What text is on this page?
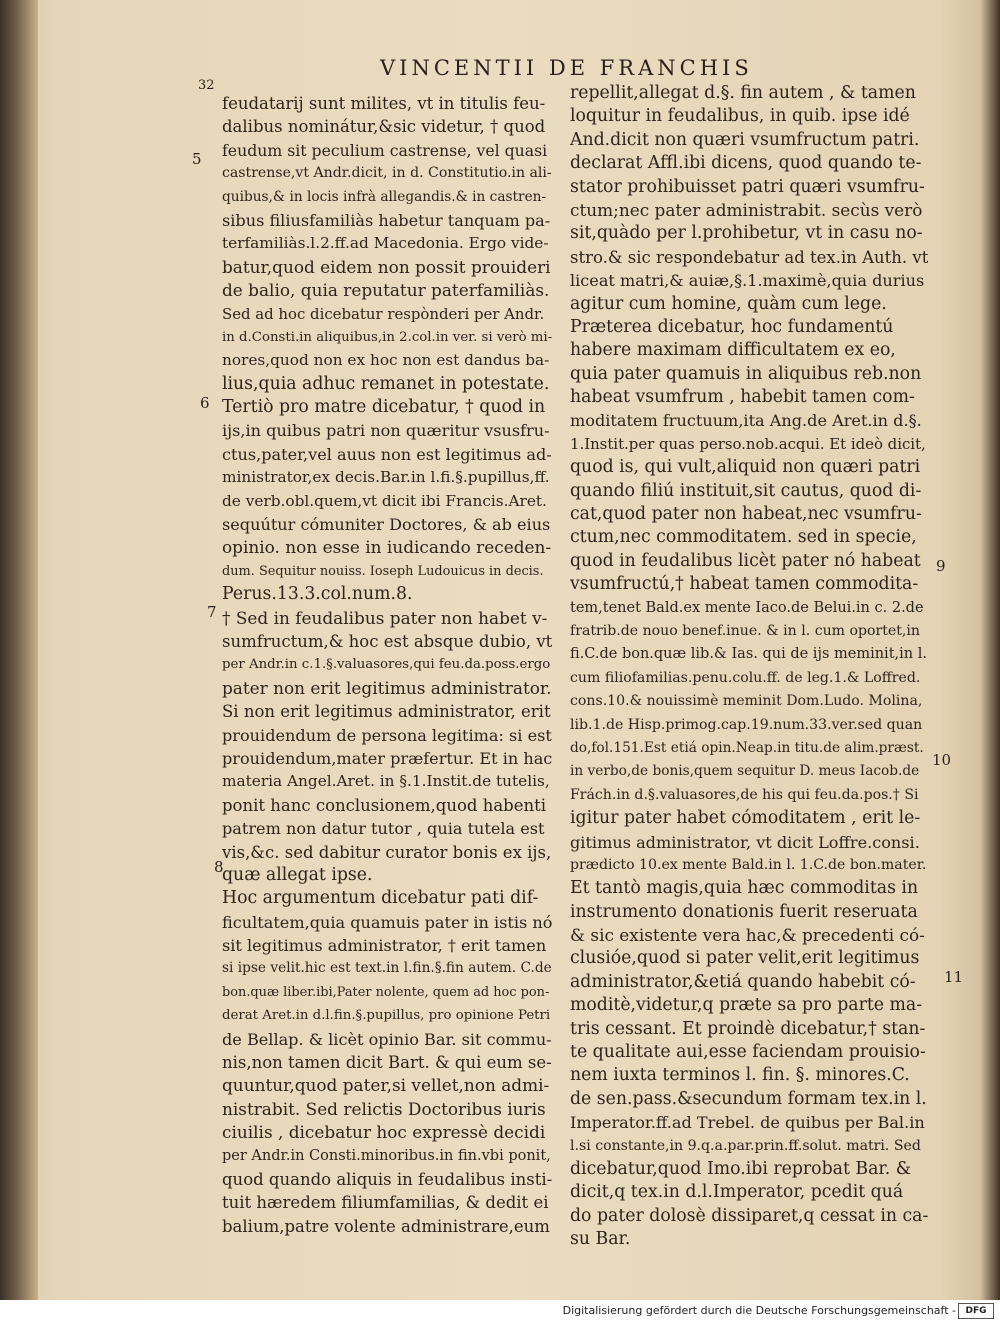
VINCENTII DE FRANCHIS
32
feudatarij sunt milites, vt in titulis feu-
dalibus nominátur,&sic videtur, † quod
feudum sit peculium castrense, vel quasi
castrense,vt Andr.dicit, in d. Constitutio.in ali-
quibus,& in locis infrà allegandis.& in castren-
sibus filiusfamiliàs habetur tanquam pa-
terfamiliàs.l.2.ff.ad Macedonia. Ergo vide-
batur,quod eidem non possit prouideri
de balio, quia reputatur paterfamiliàs.
Sed ad hoc dicebatur respònderi per Andr.
in d.Consti.in aliquibus,in 2.col.in ver. si verò mi-
nores,quod non ex hoc non est dandus ba-
lius,quia adhuc remanet in potestate.
Tertiò pro matre dicebatur, † quod in
ijs,in quibus patri non quæritur vsusfru-
ctus,pater,vel auus non est legitimus ad-
ministrator,ex decis.Bar.in l.fi.§.pupillus,ff.
de verb.obl.quem,vt dicit ibi Francis.Aret.
sequútur cómuniter Doctores, & ab eius
opinio. non esse in iudicando receden-
dum. Sequitur nouiss. Ioseph Ludouicus in decis.
Perus.13.3.col.num.8.
† Sed in feudalibus pater non habet v-
sumfructum,& hoc est absque dubio, vt
per Andr.in c.1.§.valuasores,qui feu.da.poss.ergo
pater non erit legitimus administrator.
Si non erit legitimus administrator, erit
prouidendum de persona legitima: si est
prouidendum,mater præfertur. Et in hac
materia Angel.Aret. in §.1.Instit.de tutelis,
ponit hanc conclusionem,quod habenti
patrem non datur tutor , quia tutela est
vis,&c. sed dabitur curator bonis ex ijs,
quæ allegat ipse.
Hoc argumentum dicebatur pati dif-
ficultatem,quia quamuis pater in istis nó
sit legitimus administrator, † erit tamen
si ipse velit.hic est text.in l.fin.§.fin autem. C.de
bon.quæ liber.ibi,Pater nolente, quem ad hoc pon-
derat Aret.in d.l.fin.§.pupillus, pro opinione Petri
de Bellap. & licèt opinio Bar. sit commu-
nis,non tamen dicit Bart. & qui eum se-
quuntur,quod pater,si vellet,non admi-
nistrabit. Sed relictis Doctoribus iuris
ciuilis , dicebatur hoc expressè decidi
per Andr.in Consti.minoribus.in fin.vbi ponit,
quod quando aliquis in feudalibus insti-
tuit hæredem filiumfamilias, & dedit ei
balium,patre volente administrare,eum
repellit,allegat d.§. fin autem , & tamen
loquitur in feudalibus, in quib. ipse idé
And.dicit non quæri vsumfructum patri.
declarat Affl.ibi dicens, quod quando te-
stator prohibuisset patri quæri vsumfru-
ctum;nec pater administrabit. secùs verò
sit,quàdo per l.prohibetur, vt in casu no-
stro.& sic respondebatur ad tex.in Auth. vt
liceat matri,& auiæ,§.1.maximè,quia durius
agitur cum homine, quàm cum lege.
Præterea dicebatur, hoc fundamentú
habere maximam difficultatem ex eo,
quia pater quamuis in aliquibus reb.non
habeat vsumfrum , habebit tamen com-
moditatem fructuum,ita Ang.de Aret.in d.§.
1.Instit.per quas perso.nob.acqui. Et ideò dicit,
quod is, qui vult,aliquid non quæri patri
quando filiú instituit,sit cautus, quod di-
cat,quod pater non habeat,nec vsumfru-
ctum,nec commoditatem. sed in specie,
quod in feudalibus licèt pater nó habeat
vsumfructú,† habeat tamen commodita-
tem,tenet Bald.ex mente Iaco.de Belui.in c. 2.de
fratrib.de nouo benef.inue. & in l. cum oportet,in
fi.C.de bon.quæ lib.& Ias. qui de ijs meminit,in l.
cum filiofamilias.penu.colu.ff. de leg.1.& Loffred.
cons.10.& nouissimè meminit Dom.Ludo. Molina,
lib.1.de Hisp.primog.cap.19.num.33.ver.sed quan
do,fol.151.Est etiá opin.Neap.in titu.de alim.præst.
in verbo,de bonis,quem sequitur D. meus Iacob.de
Frách.in d.§.valuasores,de his qui feu.da.pos.† Si
igitur pater habet cómoditatem , erit le-
gitimus administrator, vt dicit Loffre.consi.
prædicto 10.ex mente Bald.in l. 1.C.de bon.mater.
Et tantò magis,quia hæc commoditas in
instrumento donationis fuerit reseruata
& sic existente vera hac,& precedenti có-
clusióe,quod si pater velit,erit legitimus
administrator,&etiá quando habebit có-
moditè,videtur,q præte sa pro parte ma-
tris cessant. Et proindè dicebatur,† stan-
te qualitate aui,esse faciendam prouisio-
nem iuxta terminos l. fin. §. minores.C.
de sen.pass.&secundum formam tex.in l.
Imperator.ff.ad Trebel. de quibus per Bal.in
l.si constante,in 9.q.a.par.prin.ff.solut. matri. Sed
dicebatur,quod Imo.ibi reprobat Bar. &
dicit,q tex.in d.l.Imperator, pcedit quá
do pater dolosè dissiparet,q cessat in ca-
su Bar.
5
6
7
8
9
10
11
Digitalisierung gefördert durch die Deutsche Forschungsgemeinschaft -	DFG
